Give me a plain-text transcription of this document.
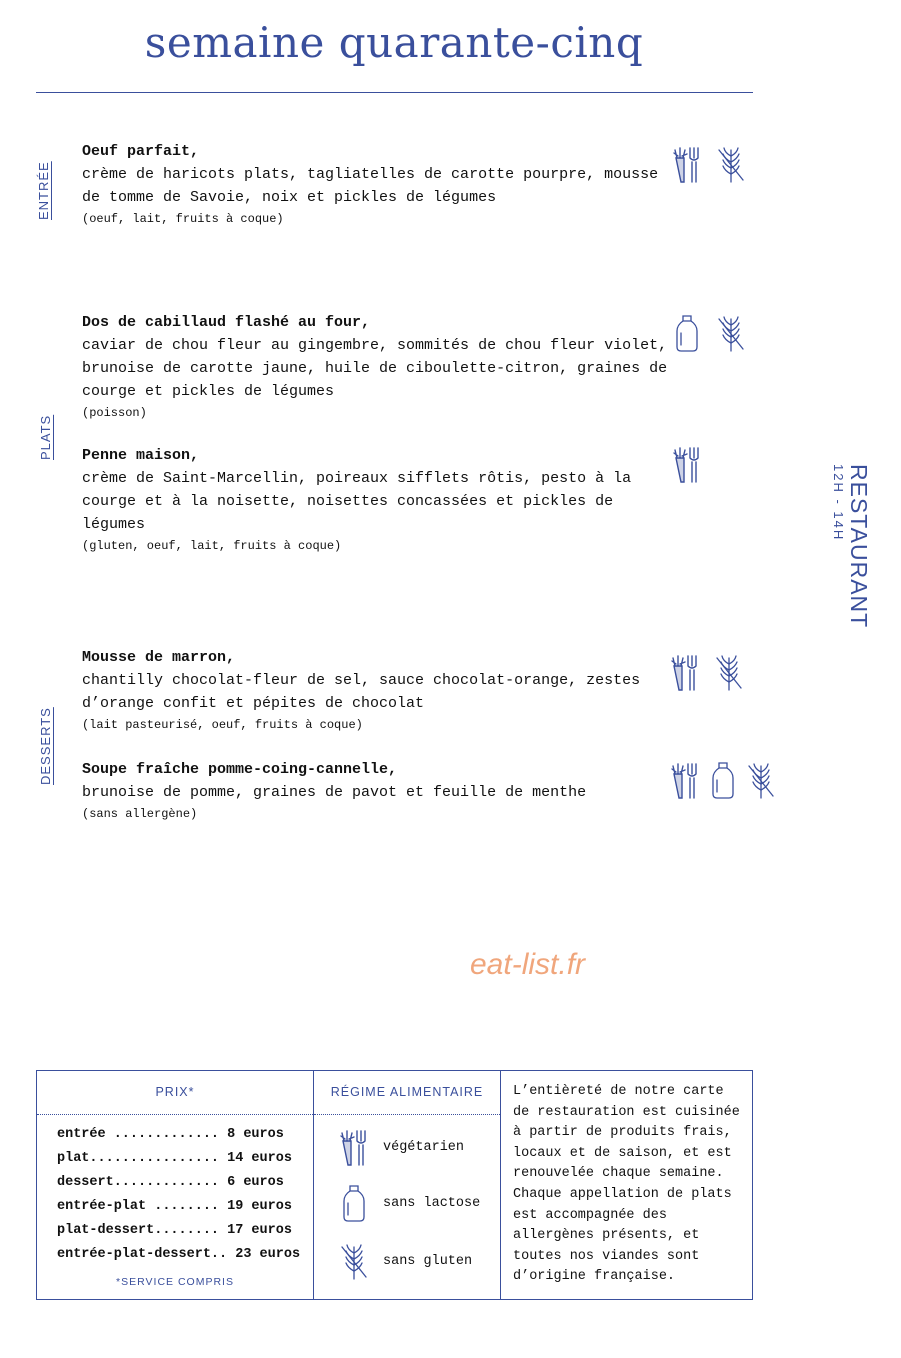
semaine quarante-cinq
ENTRÉE
PLATS
DESSERTS
Oeuf parfait,
crème de haricots plats, tagliatelles de carotte pourpre, mousse de tomme de Savoie, noix et pickles de légumes
(oeuf, lait, fruits à coque)
Dos de cabillaud flashé au four,
caviar de chou fleur au gingembre, sommités de chou fleur violet, brunoise de carotte jaune, huile de ciboulette-citron, graines de courge et pickles de légumes
(poisson)
Penne maison,
crème de Saint-Marcellin, poireaux sifflets rôtis, pesto à la courge et à la noisette, noisettes concassées et pickles de légumes
(gluten, oeuf, lait, fruits à coque)
Mousse de marron,
chantilly chocolat-fleur de sel, sauce chocolat-orange, zestes d’orange confit et pépites de chocolat
(lait pasteurisé, oeuf, fruits à coque)
Soupe fraîche pomme-coing-cannelle,
brunoise de pomme, graines de pavot et feuille de menthe
(sans allergène)
RESTAURANT
12H - 14H
eat-list.fr
PRIX*
entrée ............. 8 euros
plat................ 14 euros
dessert............. 6 euros
entrée-plat ........ 19 euros
plat-dessert........ 17 euros
entrée-plat-dessert.. 23 euros
*SERVICE COMPRIS
RÉGIME ALIMENTAIRE
végétarien
sans lactose
sans gluten
L’entièreté de notre carte de restauration est cuisinée à partir de produits frais, locaux et de saison, et est renouvelée chaque semaine. Chaque appellation de plats est accompagnée des allergènes présents, et toutes nos viandes sont d’origine française.
